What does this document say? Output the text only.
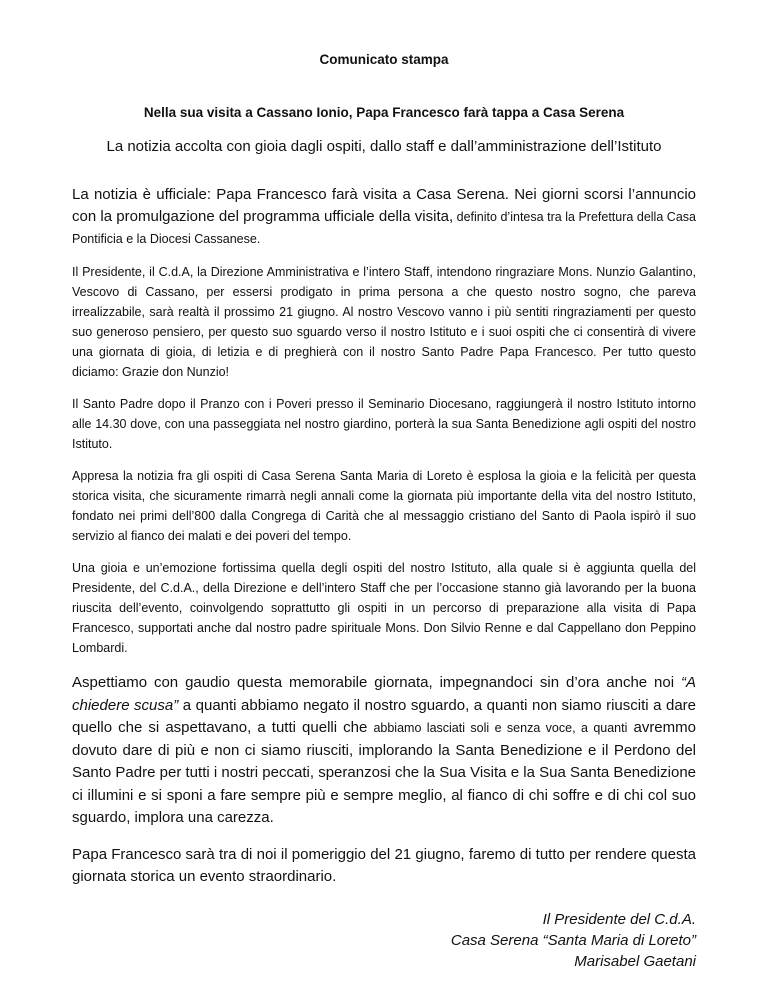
Comunicato stampa
Nella sua visita a Cassano Ionio, Papa Francesco farà tappa a Casa Serena
La notizia accolta con gioia dagli ospiti, dallo staff e dall’amministrazione dell’Istituto

La notizia è ufficiale: Papa Francesco farà visita a Casa Serena. Nei giorni scorsi l’annuncio con la promulgazione del programma ufficiale della visita, definito d’intesa tra la Prefettura della Casa Pontificia e la Diocesi Cassanese.

Il Presidente, il C.d.A, la Direzione Amministrativa e l’intero Staff, intendono ringraziare Mons. Nunzio Galantino, Vescovo di Cassano, per essersi prodigato in prima persona a che questo nostro sogno, che pareva irrealizzabile, sarà realtà il prossimo 21 giugno. Al nostro Vescovo vanno i più sentiti ringraziamenti per questo suo generoso pensiero, per questo suo sguardo verso il nostro Istituto e i suoi ospiti che ci consentirà di vivere una giornata di gioia, di letizia e di preghierà con il nostro Santo Padre Papa Francesco. Per tutto questo diciamo: Grazie don Nunzio!

Il Santo Padre dopo il Pranzo con i Poveri presso il Seminario Diocesano, raggiungerà il nostro Istituto intorno alle 14.30 dove, con una passeggiata nel nostro giardino, porterà la sua Santa Benedizione agli ospiti del nostro Istituto.

Appresa la notizia fra gli ospiti di Casa Serena Santa Maria di Loreto è esplosa la gioia e la felicità per questa storica visita, che sicuramente rimarrà negli annali come la giornata più importante della vita del nostro Istituto, fondato nei primi dell’800 dalla Congrega di Carità che al messaggio cristiano del Santo di Paola ispirò il suo servizio al fianco dei malati e dei poveri del tempo.

Una gioia e un’emozione fortissima quella degli ospiti del nostro Istituto, alla quale si è aggiunta quella del Presidente, del C.d.A., della Direzione e dell’intero Staff che per l’occasione stanno già lavorando per la buona riuscita dell’evento, coinvolgendo soprattutto gli ospiti in un percorso di preparazione alla visita di Papa Francesco, supportati anche dal nostro padre spirituale Mons. Don Silvio Renne e dal Cappellano don Peppino Lombardi.

Aspettiamo con gaudio questa memorabile giornata, impegnandoci sin d’ora anche noi “A chiedere scusa” a quanti abbiamo negato il nostro sguardo, a quanti non siamo riusciti a dare quello che si aspettavano, a tutti quelli che abbiamo lasciati soli e senza voce, a quanti avremmo dovuto dare di più e non ci siamo riusciti, implorando la Santa Benedizione e il Perdono del Santo Padre per tutti i nostri peccati, speranzosi che la Sua Visita e la Sua Santa Benedizione ci illumini e si sponi a fare sempre più e sempre meglio, al fianco di chi soffre e di chi col suo sguardo, implora una carezza.

Papa Francesco sarà tra di noi il pomeriggio del 21 giugno, faremo di tutto per rendere questa giornata storica un evento straordinario.

Il Presidente del C.d.A.
Casa Serena “Santa Maria di Loreto”
Marisabel Gaetani
